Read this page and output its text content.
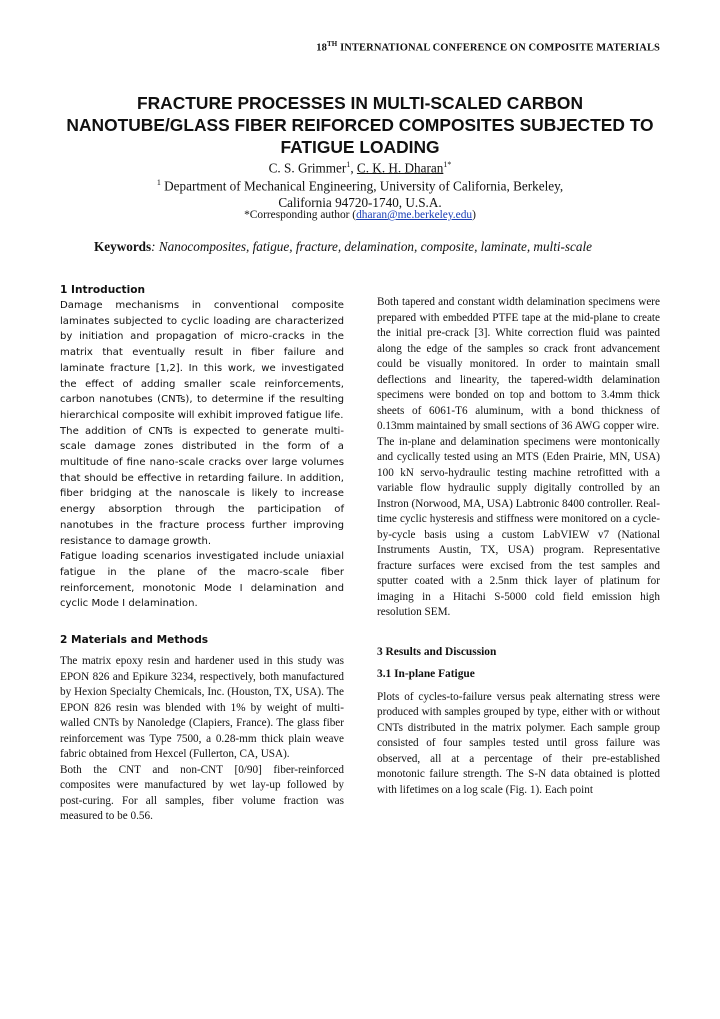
18TH INTERNATIONAL CONFERENCE ON COMPOSITE MATERIALS
FRACTURE PROCESSES IN MULTI-SCALED CARBON NANOTUBE/GLASS FIBER REIFORCED COMPOSITES SUBJECTED TO FATIGUE LOADING
C. S. Grimmer$^1$, C. K. H. Dharan$^{1*}$
$^1$ Department of Mechanical Engineering, University of California, Berkeley,
California 94720-1740, U.S.A.
*Corresponding author (dharan@me.berkeley.edu)
Keywords: Nanocomposites, fatigue, fracture, delamination, composite, laminate, multi-scale
1 Introduction

Damage mechanisms in conventional composite laminates subjected to cyclic loading are characterized by initiation and propagation of micro-cracks in the matrix that eventually result in fiber failure and laminate fracture [1,2]. In this work, we investigated the effect of adding smaller scale reinforcements, carbon nanotubes (CNTs), to determine if the resulting hierarchical composite will exhibit improved fatigue life.

The addition of CNTs is expected to generate multi-scale damage zones distributed in the form of a multitude of fine nano-scale cracks over large volumes that should be effective in retarding failure. In addition, fiber bridging at the nanoscale is likely to increase energy absorption through the participation of nanotubes in the fracture process further improving resistance to damage growth.

Fatigue loading scenarios investigated include uniaxial fatigue in the plane of the macro-scale fiber reinforcement, monotonic Mode I delamination and cyclic Mode I delamination.

2 Materials and Methods

The matrix epoxy resin and hardener used in this study was EPON 826 and Epikure 3234, respectively, both manufactured by Hexion Specialty Chemicals, Inc. (Houston, TX, USA). The EPON 826 resin was blended with 1% by weight of multi-walled CNTs by Nanoledge (Clapiers, France). The glass fiber reinforcement was Type 7500, a 0.28-mm thick plain weave fabric obtained from Hexcel (Fullerton, CA, USA).

Both the CNT and non-CNT [0/90] fiber-reinforced composites were manufactured by wet lay-up followed by post-curing. For all samples, fiber volume fraction was measured to be 0.56.

Both tapered and constant width delamination specimens were prepared with embedded PTFE tape at the mid-plane to create the initial pre-crack [3]. White correction fluid was painted along the edge of the samples so crack front advancement could be visually monitored. In order to maintain small deflections and linearity, the tapered-width delamination specimens were bonded on top and bottom to 3.4mm thick sheets of 6061-T6 aluminum, with a bond thickness of 0.13mm maintained by small sections of 36 AWG copper wire.

The in-plane and delamination specimens were montonically and cyclically tested using an MTS (Eden Prairie, MN, USA) 100 kN servo-hydraulic testing machine retrofitted with a variable flow hydraulic supply digitally controlled by an Instron (Norwood, MA, USA) Labtronic 8400 controller. Real-time cyclic hysteresis and stiffness were monitored on a cycle-by-cycle basis using a custom LabVIEW v7 (National Instruments Austin, TX, USA) program. Representative fracture surfaces were excised from the test samples and sputter coated with a 2.5nm thick layer of platinum for imaging in a Hitachi S-5000 cold field emission high resolution SEM.

3 Results and Discussion
3.1 In-plane Fatigue

Plots of cycles-to-failure versus peak alternating stress were produced with samples grouped by type, either with or without CNTs distributed in the matrix polymer. Each sample group consisted of four samples tested until gross failure was observed, all at a percentage of their pre-established monotonic failure strength. The S-N data obtained is plotted with lifetimes on a log scale (Fig. 1). Each point
